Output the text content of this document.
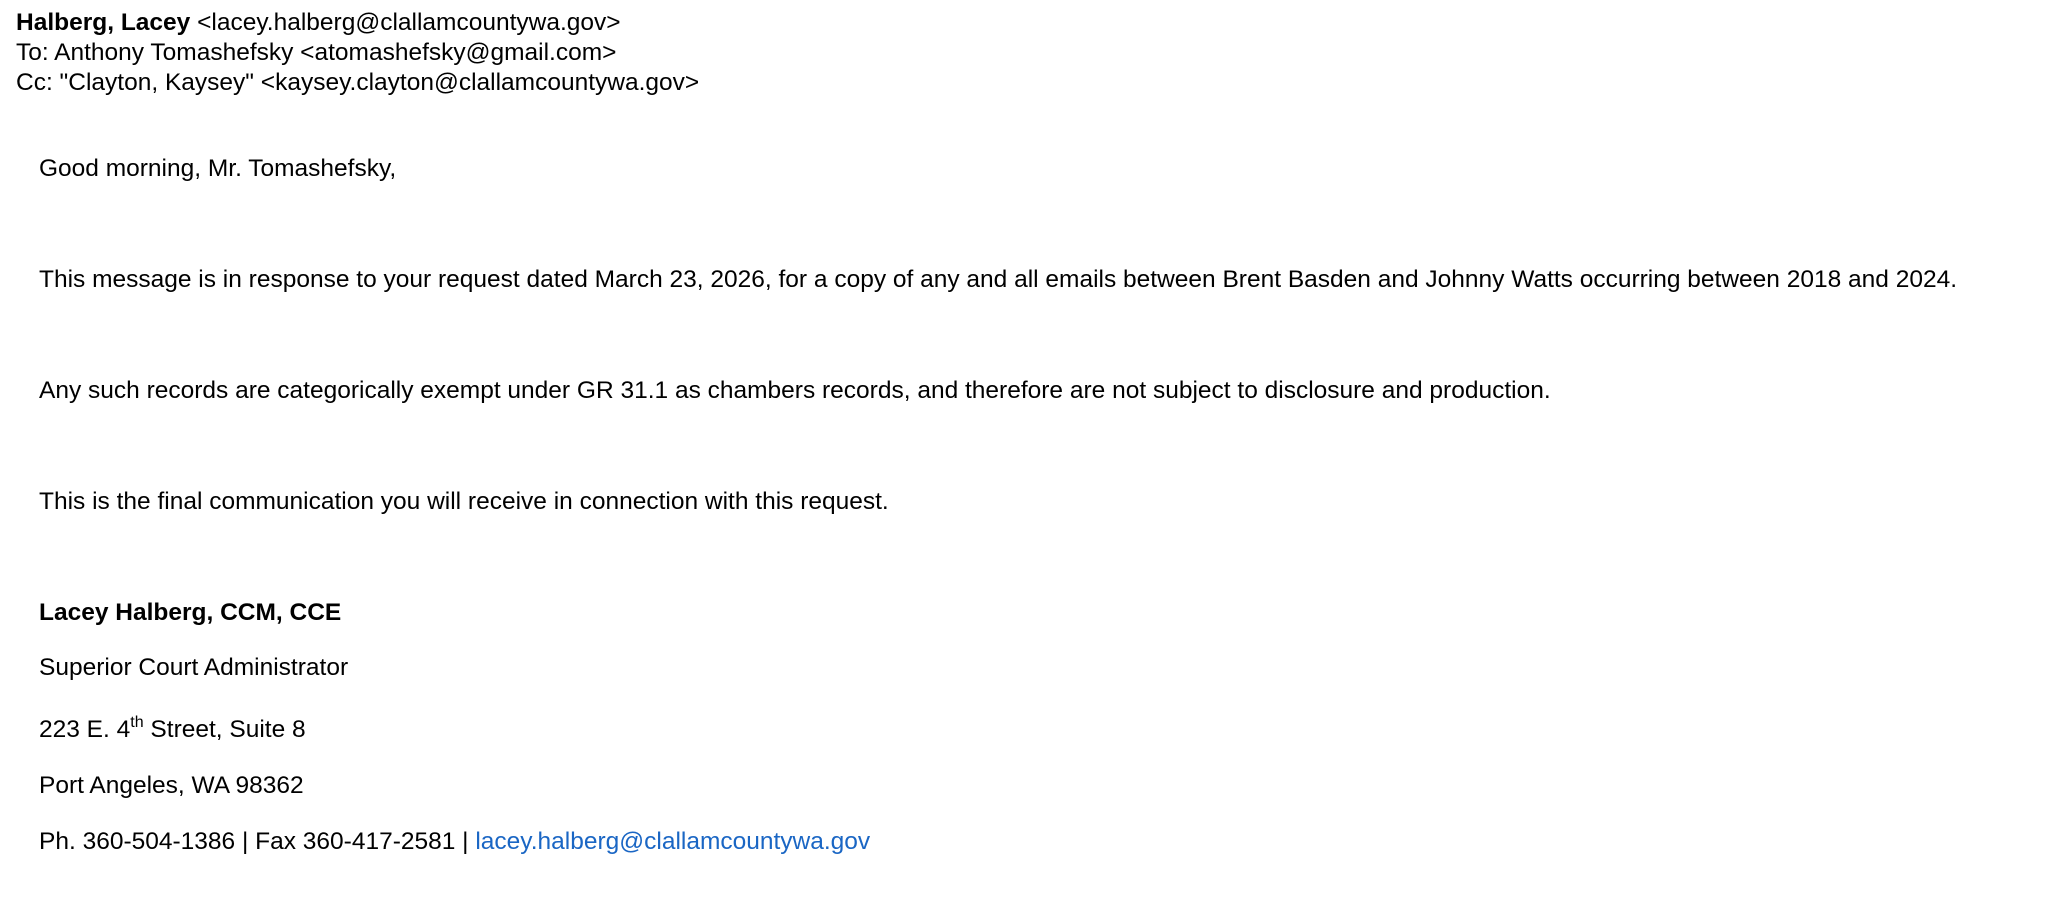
Halberg, Lacey <lacey.halberg@clallamcountywa.gov>
To: Anthony Tomashefsky <atomashefsky@gmail.com>
Cc: "Clayton, Kaysey" <kaysey.clayton@clallamcountywa.gov>
Good morning, Mr. Tomashefsky,
This message is in response to your request dated March 23, 2026, for a copy of any and all emails between Brent Basden and Johnny Watts occurring between 2018 and 2024.
Any such records are categorically exempt under GR 31.1 as chambers records, and therefore are not subject to disclosure and production.
This is the final communication you will receive in connection with this request.
Lacey Halberg, CCM, CCE
Superior Court Administrator
223 E. 4th Street, Suite 8
Port Angeles, WA 98362
Ph. 360-504-1386 | Fax 360-417-2581 | lacey.halberg@clallamcountywa.gov
